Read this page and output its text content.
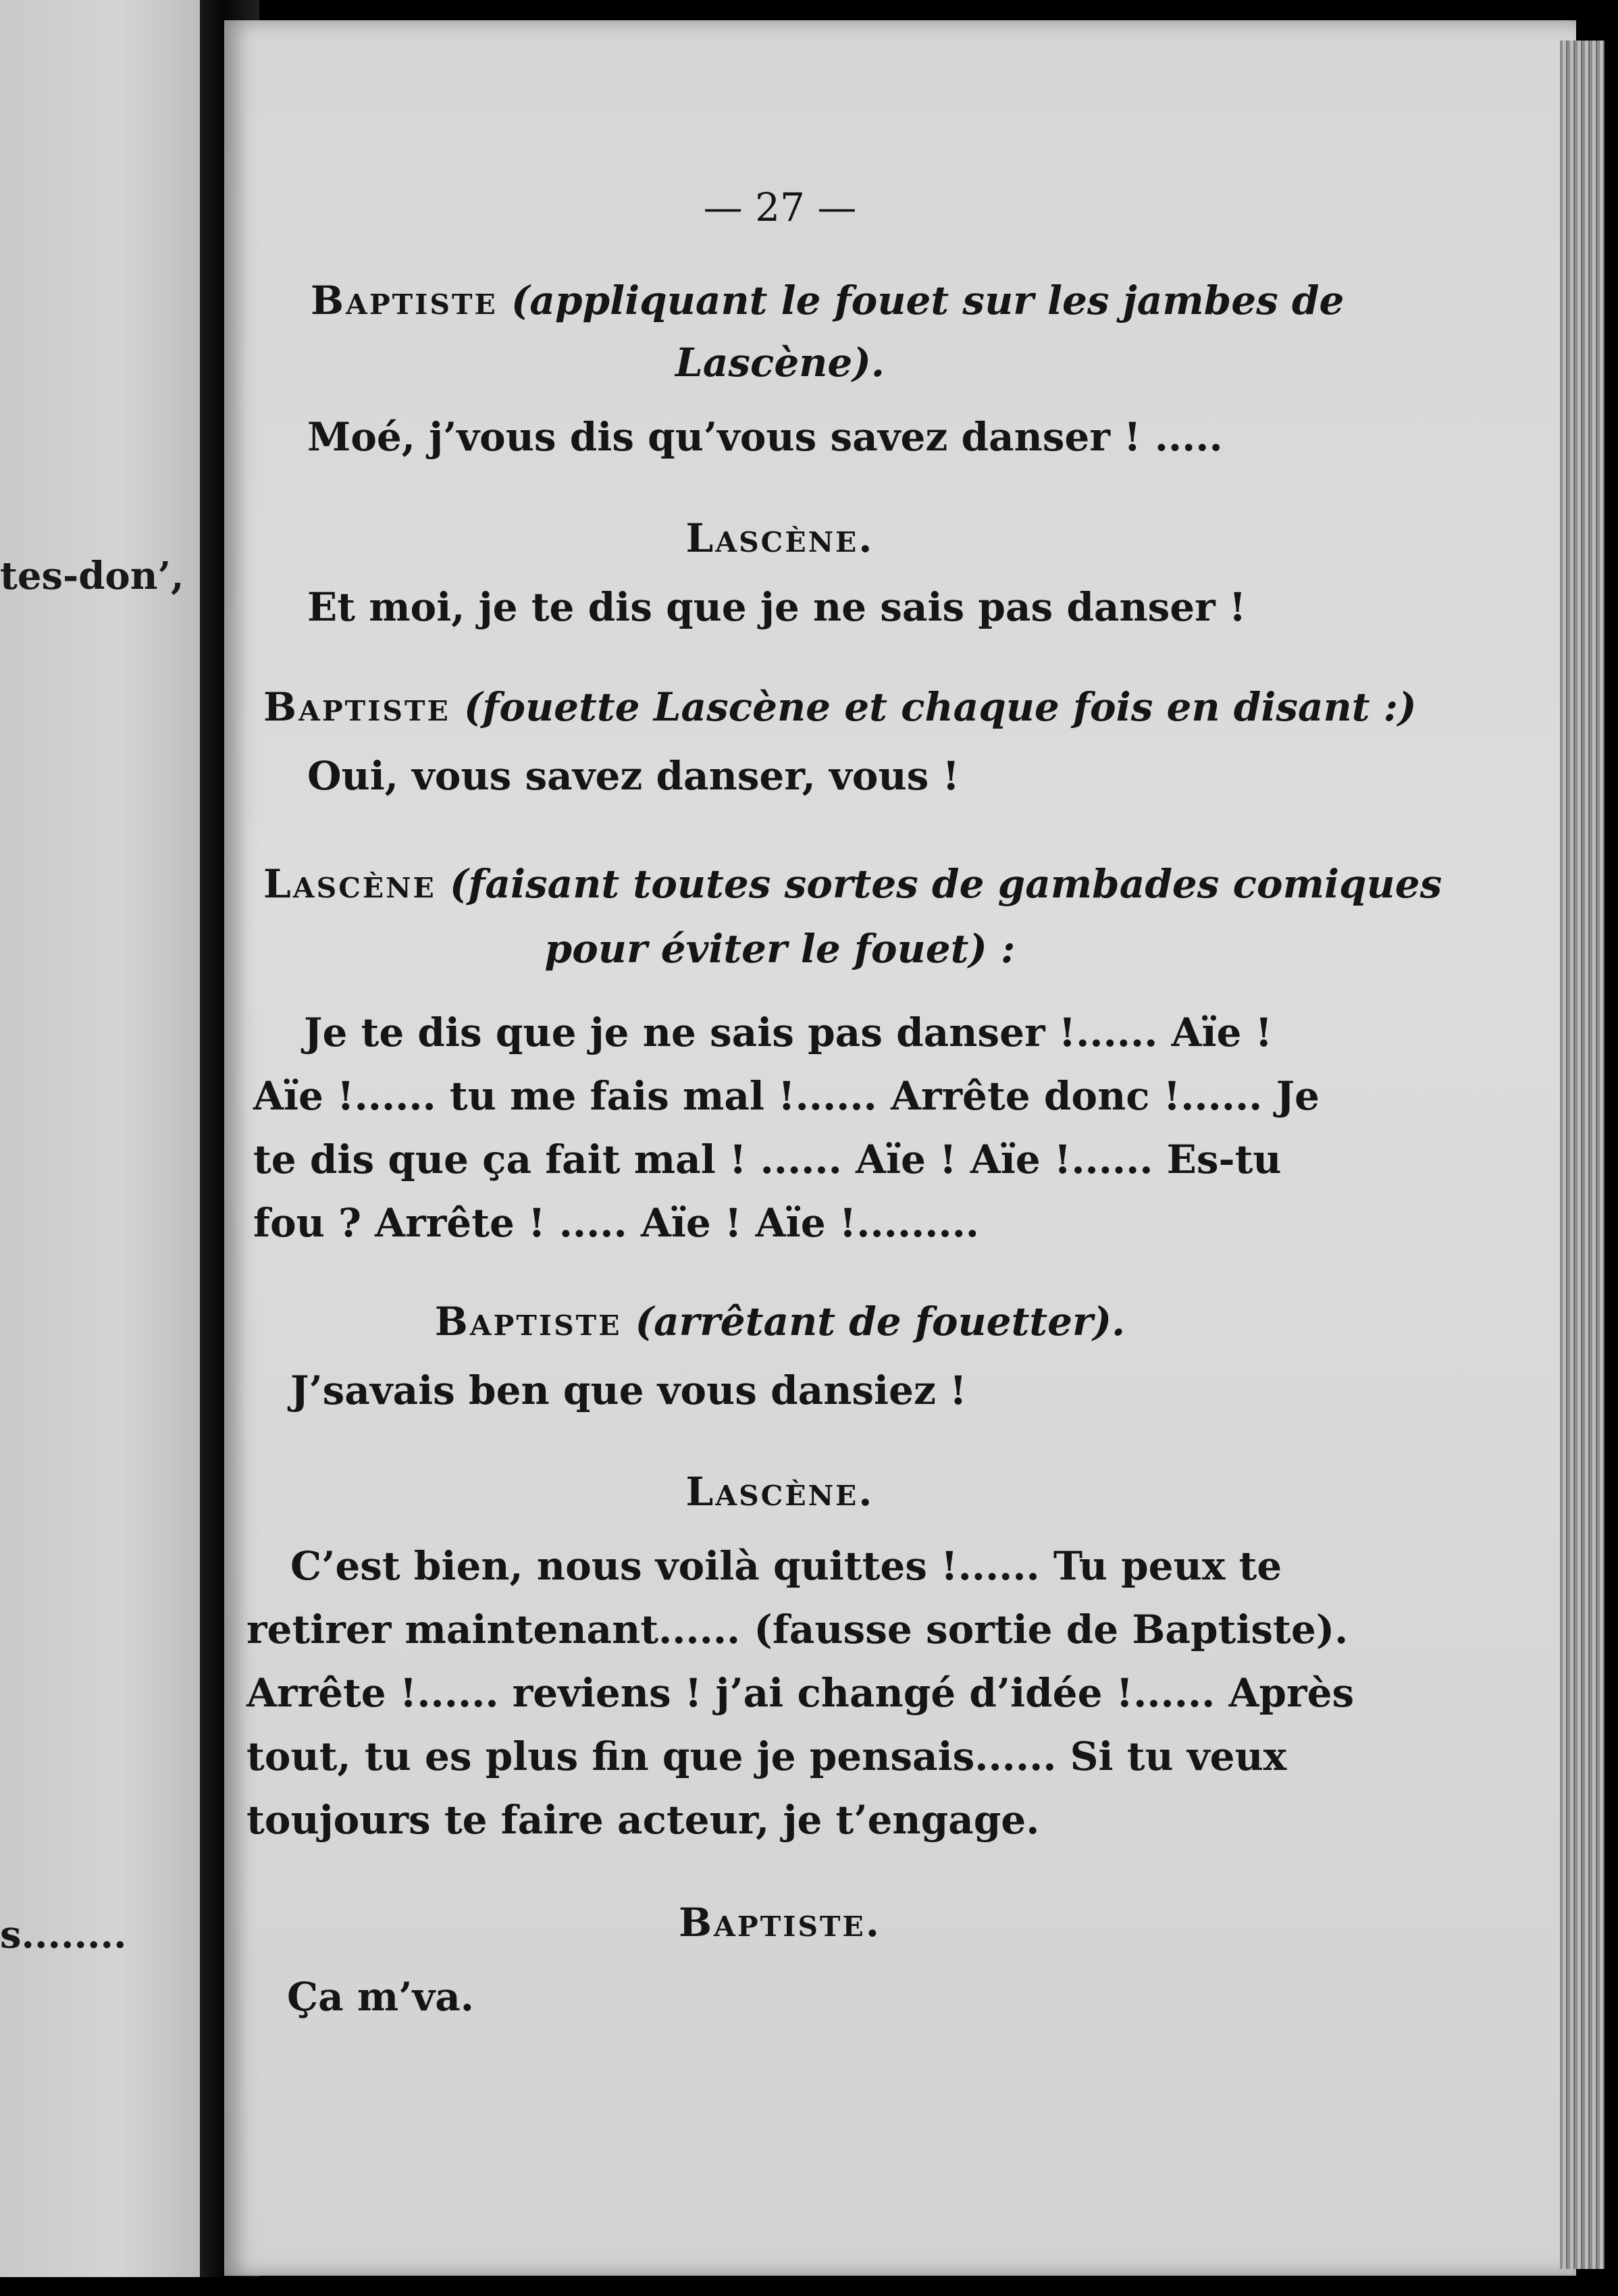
tes-don’,
s........
— 27 —
Baptiste (appliquant le fouet sur les jambes de
Lascène).
Moé, j’vous dis qu’vous savez danser ! .....
Lascène.
Et moi, je te dis que je ne sais pas danser !
Baptiste (fouette Lascène et chaque fois en disant :)
Oui, vous savez danser, vous !
Lascène (faisant toutes sortes de gambades comiques
pour éviter le fouet) :
Je te dis que je ne sais pas danser !...... Aïe !
Aïe !...... tu me fais mal !...... Arrête donc !...... Je
te dis que ça fait mal ! ...... Aïe ! Aïe !...... Es-tu
fou ? Arrête ! ..... Aïe ! Aïe !.........
Baptiste (arrêtant de fouetter).
J’savais ben que vous dansiez !
Lascène.
C’est bien, nous voilà quittes !...... Tu peux te
retirer maintenant...... (fausse sortie de Baptiste).
Arrête !...... reviens ! j’ai changé d’idée !...... Après
tout, tu es plus fin que je pensais...... Si tu veux
toujours te faire acteur, je t’engage.
Baptiste.
Ça m’va.
